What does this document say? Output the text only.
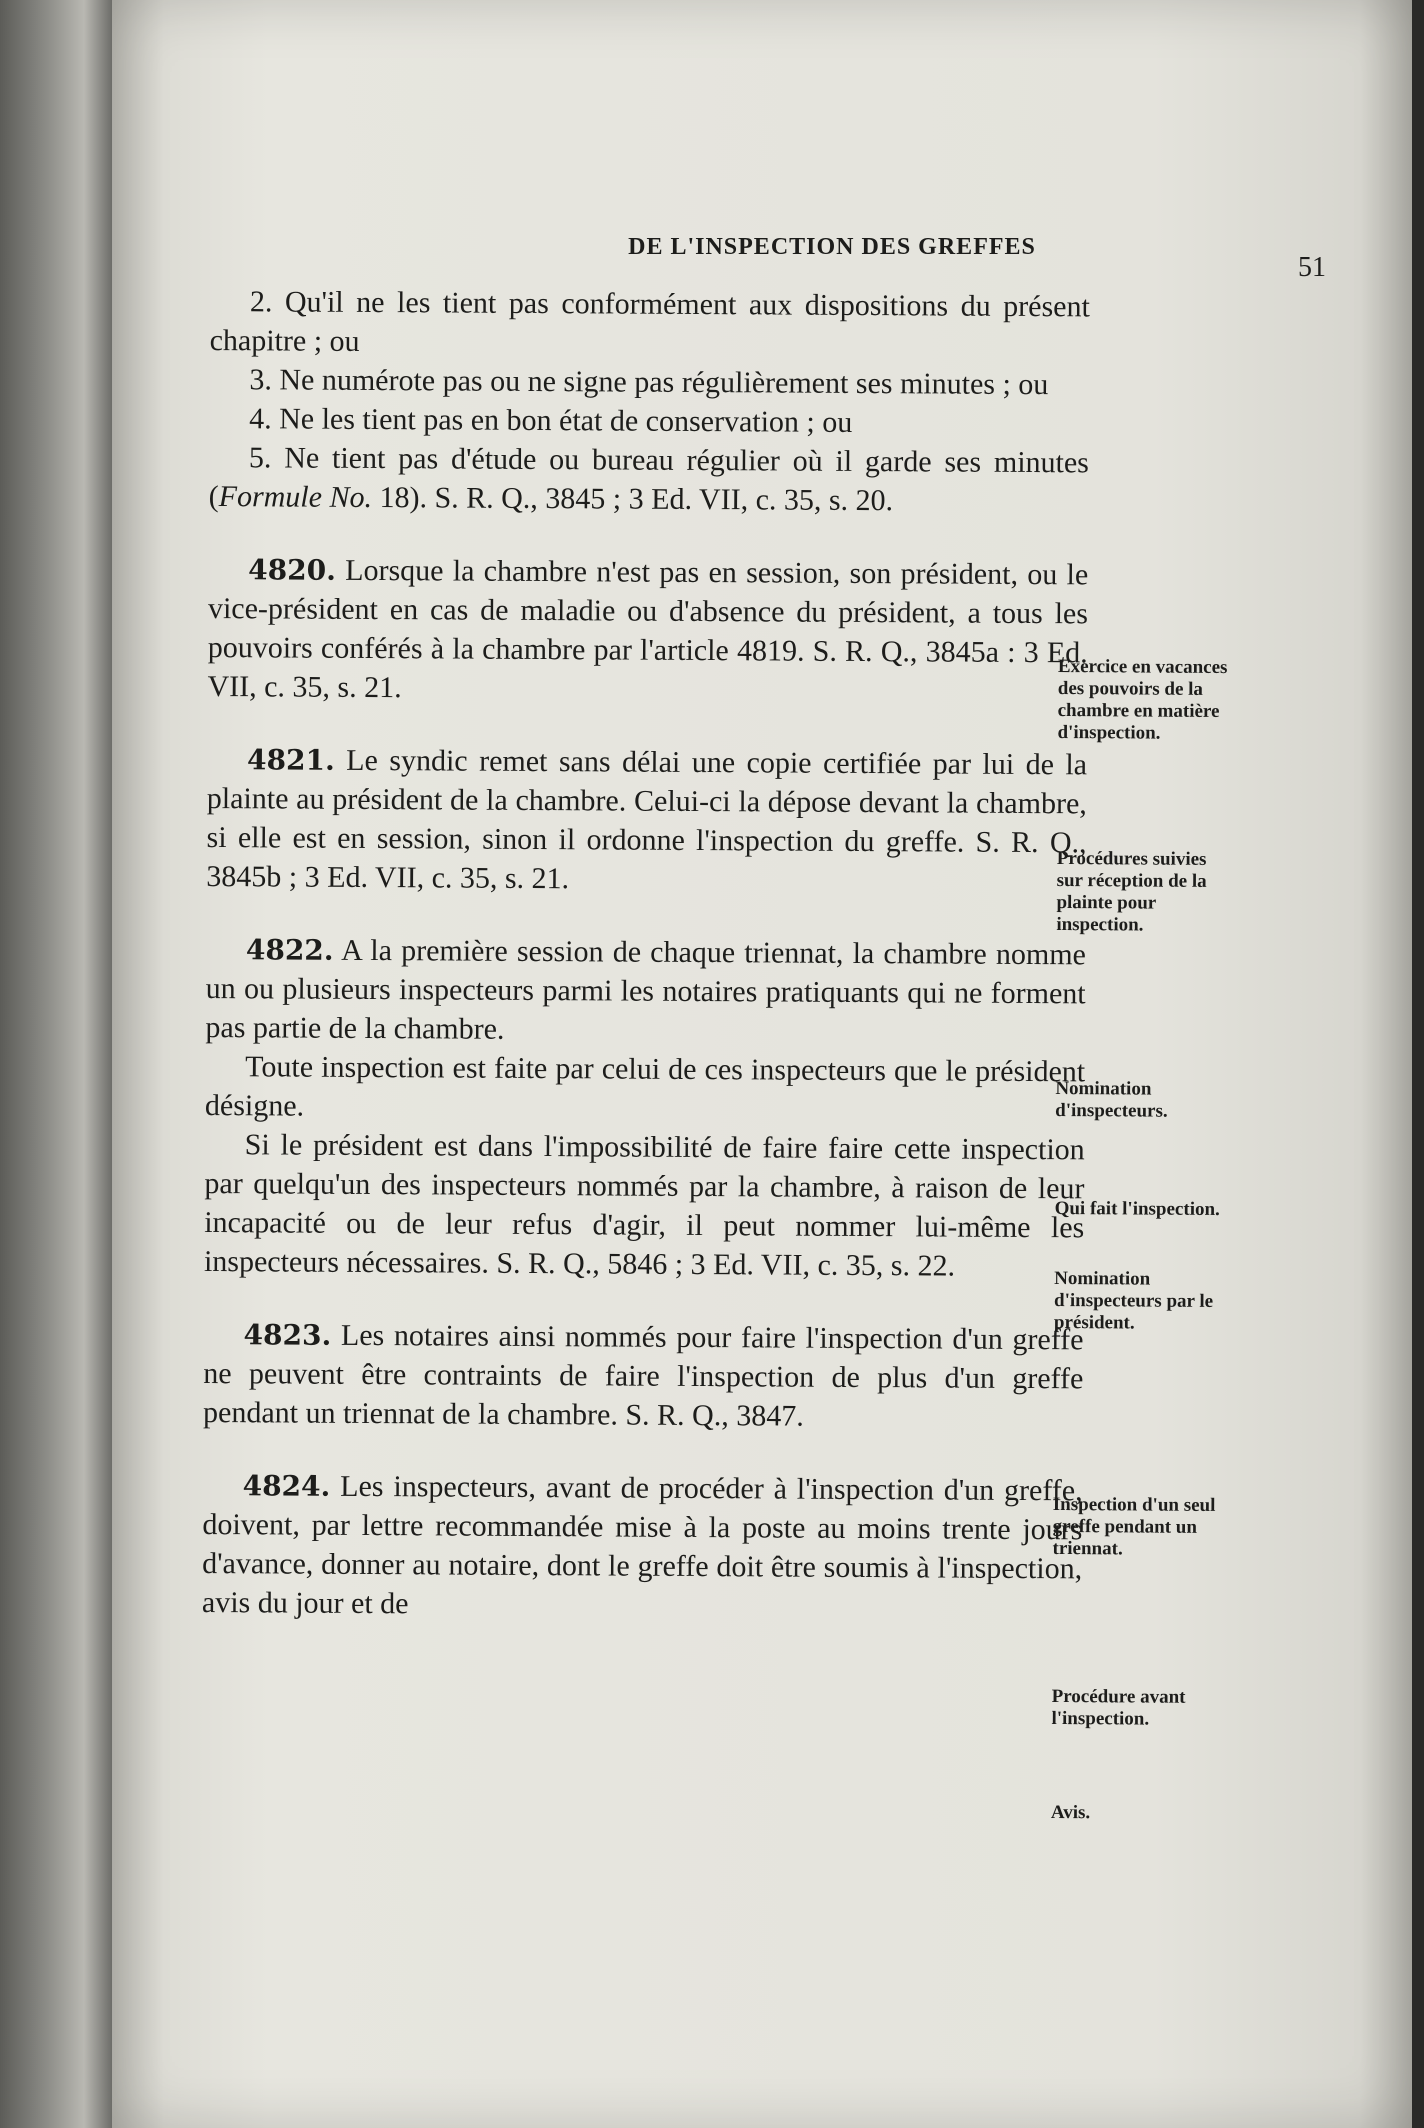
DE L'INSPECTION DES GREFFES
51

2. Qu'il ne les tient pas conformément aux dispositions du présent chapitre ; ou

3. Ne numérote pas ou ne signe pas régulièrement ses minutes ; ou

4. Ne les tient pas en bon état de conservation ; ou

5. Ne tient pas d'étude ou bureau régulier où il garde ses minutes (Formule No. 18). S. R. Q., 3845 ; 3 Ed. VII, c. 35, s. 20.

4820. Lorsque la chambre n'est pas en session, son président, ou le vice-président en cas de maladie ou d'absence du président, a tous les pouvoirs conférés à la chambre par l'article 4819. S. R. Q., 3845a : 3 Ed. VII, c. 35, s. 21.

4821. Le syndic remet sans délai une copie certifiée par lui de la plainte au président de la chambre. Celui-ci la dépose devant la chambre, si elle est en session, sinon il ordonne l'inspection du greffe. S. R. Q., 3845b ; 3 Ed. VII, c. 35, s. 21.

4822. A la première session de chaque triennat, la chambre nomme un ou plusieurs inspecteurs parmi les notaires pratiquants qui ne forment pas partie de la chambre.

Toute inspection est faite par celui de ces inspecteurs que le président désigne.

Si le président est dans l'impossibilité de faire faire cette inspection par quelqu'un des inspecteurs nommés par la chambre, à raison de leur incapacité ou de leur refus d'agir, il peut nommer lui-même les inspecteurs nécessaires. S. R. Q., 5846 ; 3 Ed. VII, c. 35, s. 22.

4823. Les notaires ainsi nommés pour faire l'inspection d'un greffe ne peuvent être contraints de faire l'inspection de plus d'un greffe pendant un triennat de la chambre. S. R. Q., 3847.

4824. Les inspecteurs, avant de procéder à l'inspection d'un greffe, doivent, par lettre recommandée mise à la poste au moins trente jours d'avance, donner au notaire, dont le greffe doit être soumis à l'inspection, avis du jour et de

Exercice en vacances des pouvoirs de la chambre en matière d'inspection.
Procédures suivies sur réception de la plainte pour inspection.
Nomination d'inspecteurs.
Qui fait l'inspection.
Nomination d'inspecteurs par le président.
Inspection d'un seul greffe pendant un triennat.
Procédure avant l'inspection.
Avis.
